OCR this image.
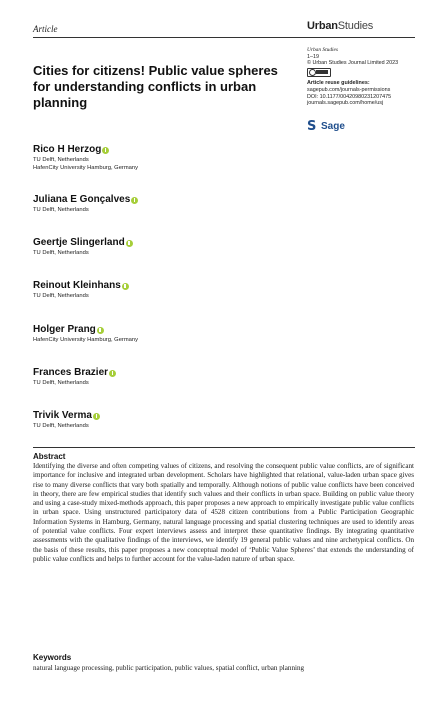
Article	UrbanStudies
Urban Studies
1–19
© Urban Studies Journal Limited 2023
Article reuse guidelines:
sagepub.com/journals-permissions
DOI: 10.1177/00420980231207475
journals.sagepub.com/home/usj
S Sage
Cities for citizens! Public value spheres for understanding conflicts in urban planning
Rico H Herzog
TU Delft, Netherlands
HafenCity University Hamburg, Germany
Juliana E Gonçalves
TU Delft, Netherlands
Geertje Slingerland
TU Delft, Netherlands
Reinout Kleinhans
TU Delft, Netherlands
Holger Prang
HafenCity University Hamburg, Germany
Frances Brazier
TU Delft, Netherlands
Trivik Verma
TU Delft, Netherlands
Abstract

Identifying the diverse and often competing values of citizens, and resolving the consequent public value conflicts, are of significant importance for inclusive and integrated urban development. Scholars have highlighted that relational, value-laden urban space gives rise to many diverse conflicts that vary both spatially and temporally. Although notions of public value conflicts have been conceived in theory, there are few empirical studies that identify such values and their conflicts in urban space. Building on public value theory and using a case-study mixed-methods approach, this paper proposes a new approach to empirically investigate public value conflicts in urban space. Using unstructured participatory data of 4528 citizen contributions from a Public Participation Geographic Information Systems in Hamburg, Germany, natural language processing and spatial clustering techniques are used to identify areas of potential value conflicts. Four expert interviews assess and interpret these quantitative findings. By integrating quantitative assessments with the qualitative findings of the interviews, we identify 19 general public values and nine archetypical conflicts. On the basis of these results, this paper proposes a new conceptual model of ‘Public Value Spheres’ that extends the understanding of public value conflicts and helps to further account for the value-laden nature of urban space.

Keywords
natural language processing, public participation, public values, spatial conflict, urban planning
